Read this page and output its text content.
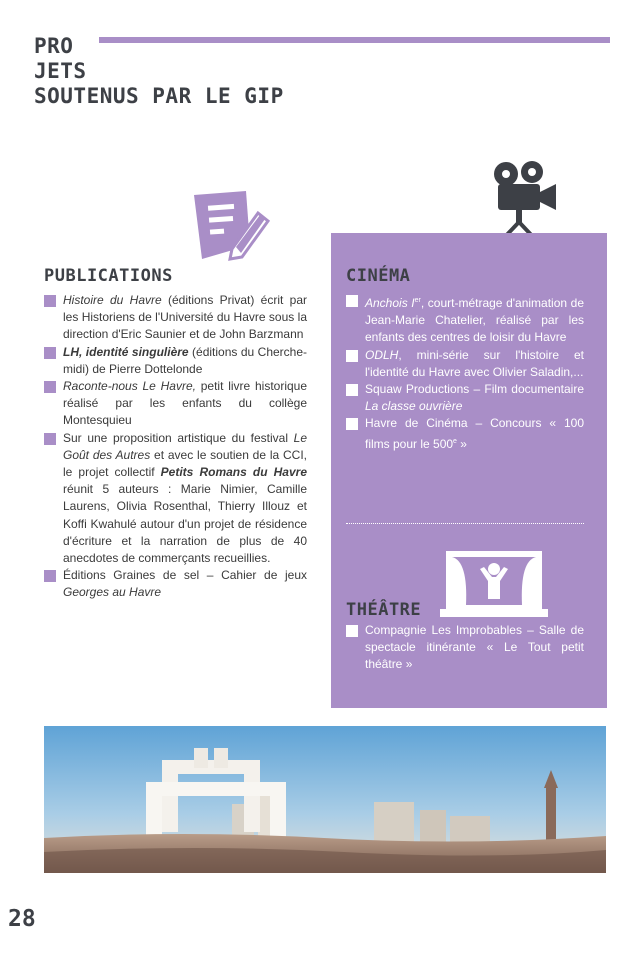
PRO
JETS
SOUTENUS PAR LE GIP
PUBLICATIONS
Histoire du Havre (éditions Privat) écrit par les Historiens de l'Université du Havre sous la direction d'Eric Saunier et de John Barzmann
LH, identité singulière (éditions du Cherche-midi) de Pierre Dottelonde
Raconte-nous Le Havre, petit livre historique réalisé par les enfants du collège Montesquieu
Sur une proposition artistique du festival Le Goût des Autres et avec le soutien de la CCI, le projet collectif Petits Romans du Havre réunit 5 auteurs : Marie Nimier, Camille Laurens, Olivia Rosenthal, Thierry Illouz et Koffi Kwahulé autour d'un projet de résidence d'écriture et la narration de plus de 40 anecdotes de commerçants recueillies.
Éditions Graines de sel – Cahier de jeux Georges au Havre
CINÉMA
Anchois Ier, court-métrage d'animation de Jean-Marie Chatelier, réalisé par les enfants des centres de loisir du Havre
ODLH, mini-série sur l'histoire et l'identité du Havre avec Olivier Saladin,...
Squaw Productions – Film documentaire La classe ouvrière
Havre de Cinéma – Concours « 100 films pour le 500e »
THÉÂTRE
Compagnie Les Improbables – Salle de spectacle itinérante « Le Tout petit théâtre »
28
